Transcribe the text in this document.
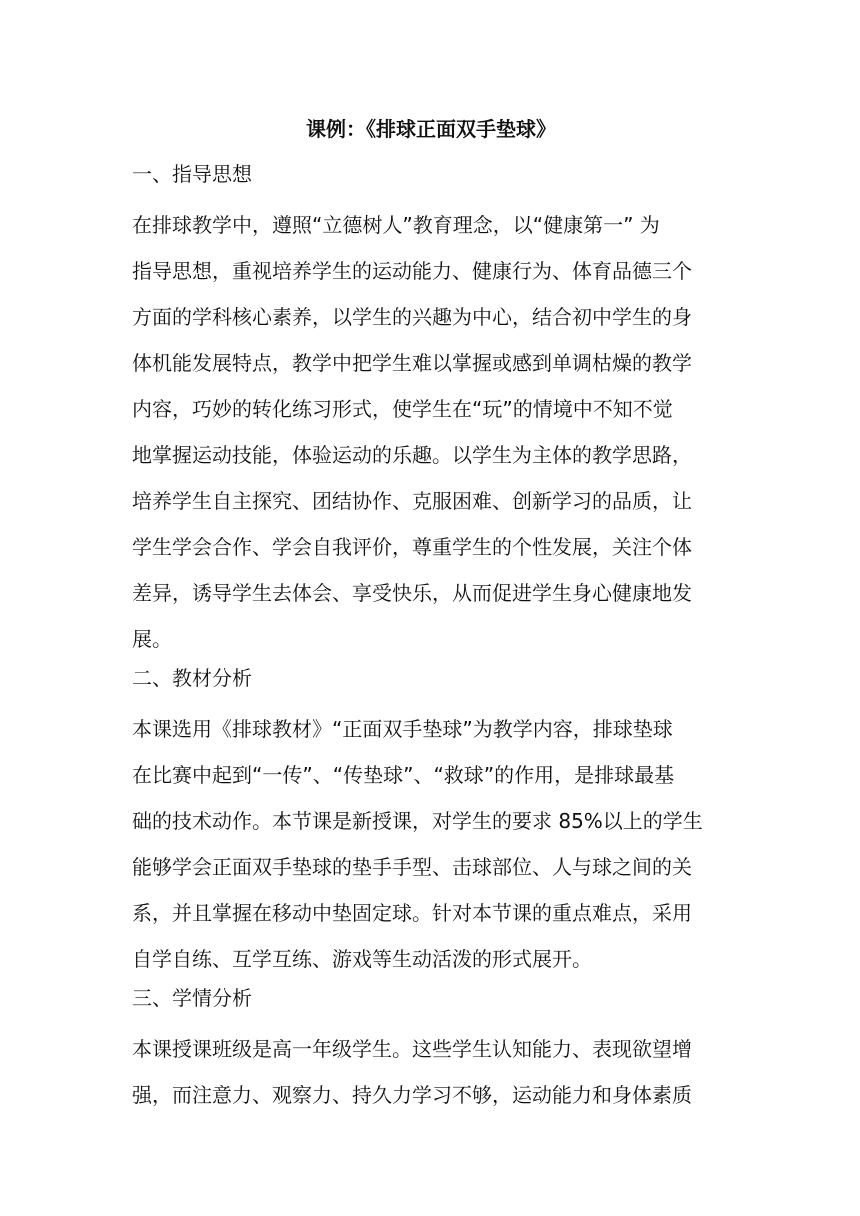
课例：《排球正面双手垫球》
一、指导思想
在排球教学中，遵照“立德树人”教育理念，以“健康第一” 为
指导思想，重视培养学生的运动能力、健康行为、体育品德三个
方面的学科核心素养，以学生的兴趣为中心，结合初中学生的身
体机能发展特点，教学中把学生难以掌握或感到单调枯燥的教学
内容，巧妙的转化练习形式，使学生在“玩”的情境中不知不觉
地掌握运动技能，体验运动的乐趣。以学生为主体的教学思路，
培养学生自主探究、团结协作、克服困难、创新学习的品质，让
学生学会合作、学会自我评价，尊重学生的个性发展，关注个体
差异，诱导学生去体会、享受快乐，从而促进学生身心健康地发
展。
二、教材分析
本课选用《排球教材》“正面双手垫球”为教学内容，排球垫球
在比赛中起到“一传”、“传垫球”、“救球”的作用，是排球最基
础的技术动作。本节课是新授课，对学生的要求 85%以上的学生
能够学会正面双手垫球的垫手手型、击球部位、人与球之间的关
系，并且掌握在移动中垫固定球。针对本节课的重点难点，采用
自学自练、互学互练、游戏等生动活泼的形式展开。
三、学情分析
本课授课班级是高一年级学生。这些学生认知能力、表现欲望增
强，而注意力、观察力、持久力学习不够，运动能力和身体素质
